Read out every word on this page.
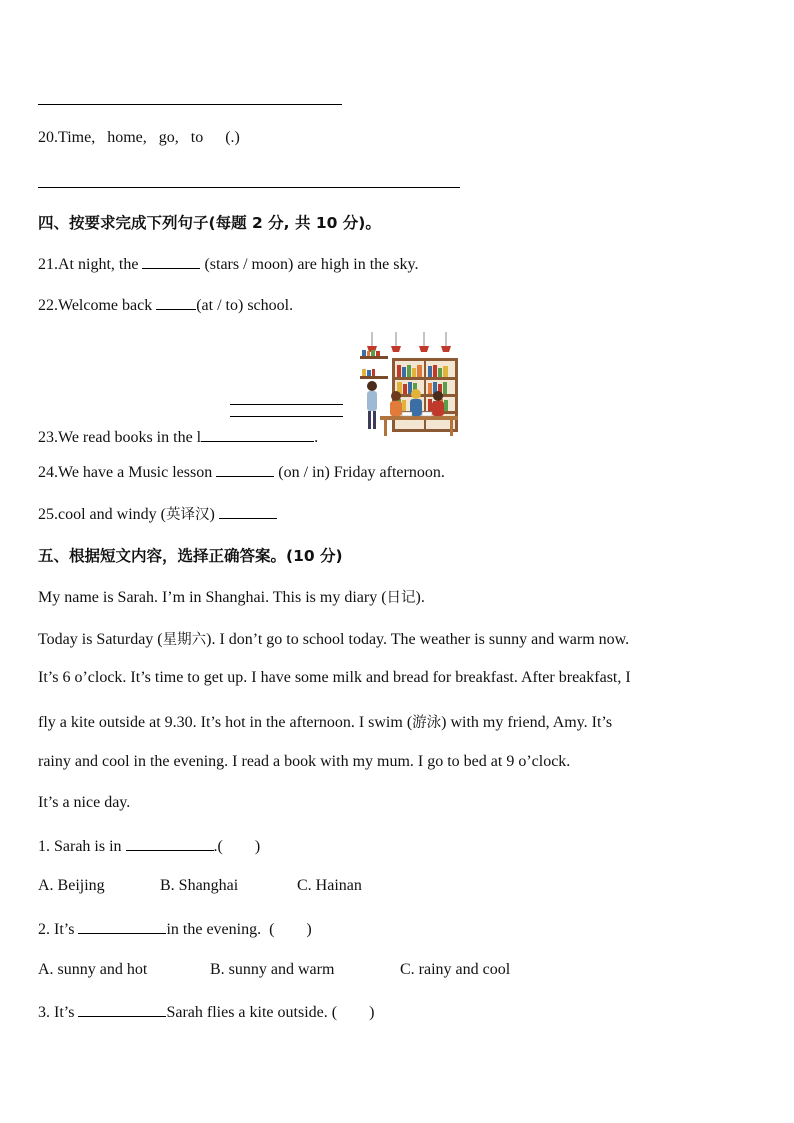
20.Time,   home,   go,   to (.)
四、按要求完成下列句子(每题 2 分, 共 10 分)。
21.At night, the	(stars / moon) are high in the sky.
22.Welcome back	(at / to) school.
23.We read books in the l	.
24.We have a Music lesson	(on / in) Friday afternoon.
25.cool and windy (英译汉)
五、根据短文内容，选择正确答案。(10 分)
My name is Sarah. I’m in Shanghai. This is my diary (日记).
Today is Saturday (星期六). I don’t go to school today. The weather is sunny and warm now.
It’s 6 o’clock. It’s time to get up. I have some milk and bread for breakfast. After breakfast, I
fly a kite outside at 9.30. It’s hot in the afternoon. I swim (游泳) with my friend, Amy. It’s
rainy and cool in the evening. I read a book with my mum. I go to bed at 9 o’clock.
It’s a nice day.
1. Sarah is in	.(        )
A. Beijing	B. Shanghai	C. Hainan
2. It’s	in the evening.  (        )
A. sunny and hot	B. sunny and warm	C. rainy and cool
3. It’s	Sarah flies a kite outside. (        )
